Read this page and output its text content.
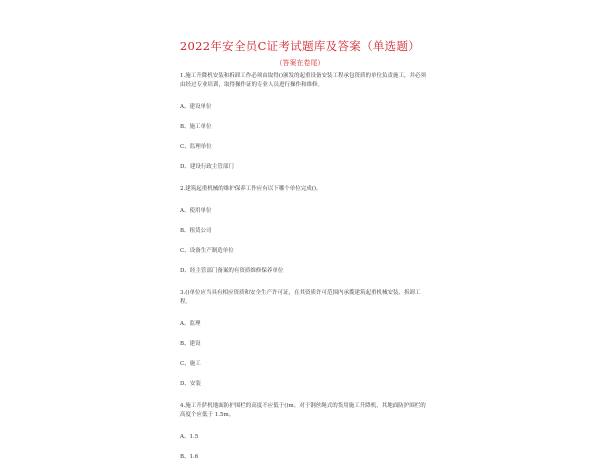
2022年安全员C证考试题库及答案（单选题）
（答案在卷尾）
1.施工升降机安装和拆卸工作必须由取得()颁发的起重设备安装工程承包资质的单位负责施工，并必须由经过专业培训，取得操作证的专业人员进行操作和维修。
A、建设单位
B、施工单位
C、监理单位
D、建设行政主管部门
2.建筑起重机械的维护保养工作应有以下哪个单位完成()。
A、使用单位
B、租赁公司
C、设备生产制造单位
D、经主管部门备案的有资质维修保养单位
3.()单位应当具有相应资质和安全生产许可证，在其资质许可范围内承揽建筑起重机械安装、拆卸工程。
A、监理
B、建设
C、施工
D、安装
4.施工升萨机地面防护围栏的高度不应低于()m。对于钢丝绳式的货用施工升降机，其地面防护围栏的高度个应低于 1.5m。
A、1.5
B、1.6
